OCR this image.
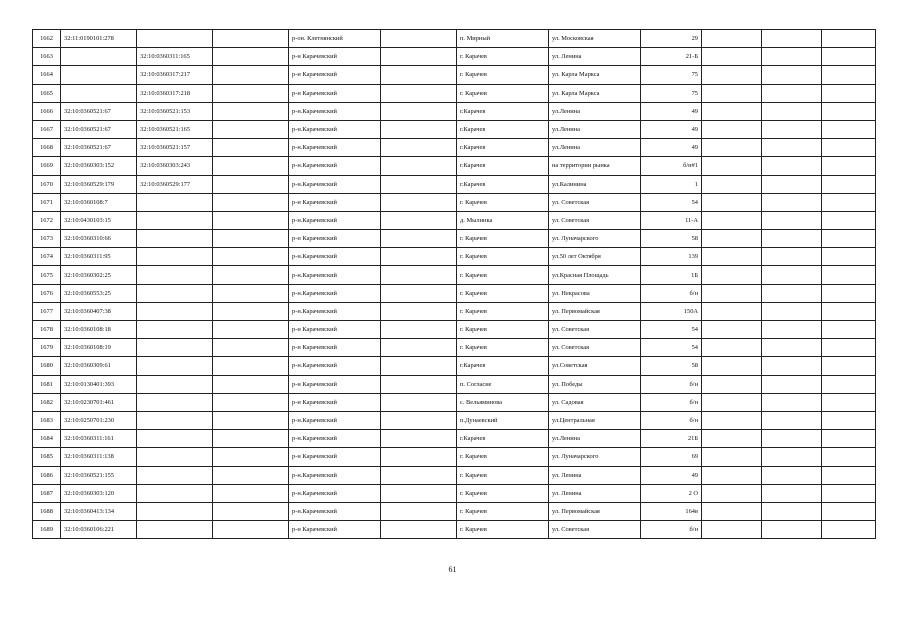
1662	32:11:0190101:278			р-он. Клетнянский		п. Мирный	ул. Московская	29			
1663		32:10:0360311:165		р-н Карачевский		г. Карачев	ул. Ленина	21-Б			
1664		32:10:0360317:217		р-н Карачевский		г. Карачев	ул. Карла Маркса	75			
1665		32:10:0360317:218		р-н Карачевский		г. Карачев	ул. Карла Маркса	75			
1666	32:10:0360521:67	32:10:0360521:153		р-н.Карачевский		г.Карачев	ул.Ленина	49			
1667	32:10:0360521:67	32:10:0360521:165		р-н.Карачевский		г.Карачев	ул.Ленина	49			
1668	32:10:0360521:67	32:10:0360521:157		р-н.Карачевский		г.Карачев	ул.Ленина	49			
1669	32:10:0360303:152	32:10:0360303:243		р-н.Карачевский		г.Карачев	на территории рынка	б/н#1			
1670	32:10:0360529:179	32:10:0360529:177		р-н.Карачевский		г.Карачев	ул.Калинина	1			
1671	32:10:0360108:7			р-н Карачевский		г. Карачев	ул. Советская	54			
1672	32:10:0430103:15			р-н.Карачевский		д. Мылинка	ул. Советская	11-А			
1673	32:10:0360310:66			р-н Карачевский		г. Карачев	ул. Луначарского	58			
1674	32:10:0360311:95			р-н.Карачевский		г. Карачев	ул.50 лет Октября	139			
1675	32:10:0360302:25			р-н.Карачевский		г. Карачев	ул.Красная Площадь	1Б			
1676	32:10:0360553:25			р-н.Карачевский		г. Карачев	ул. Некрасова	б/н			
1677	32:10:0360407:38			р-н.Карачевский		г. Карачев	ул. Первомайская	150А			
1678	32:10:0360108:18			р-н Карачевский		г. Карачев	ул. Советская	54			
1679	32:10:0360108:19			р-н Карачевский		г. Карачев	ул. Советская	54			
1680	32:10:0360309:61			р-н.Карачевский		г.Карачев	ул.Советская	58			
1681	32:10:0130401:393			р-н Карачевский		п. Согласие	ул. Победы	б/н			
1682	32:10:0230701:461			р-н Карачевский		с. Вельяминова	ул. Садовая	б/н			
1683	32:10:0250701:230			р-н.Карачевский		п.Дунаевский	ул.Центральная	б/н			
1684	32:10:0360311:161			р-н.Карачевский		г.Карачев	ул.Ленина	21Б			
1685	32:10:0360311:138			р-н Карачевский		г. Карачев	ул. Луначарского	69			
1686	32:10:0360521:155			р-н.Карачевский		г. Карачев	ул. Ленина	49			
1687	32:10:0360303:120			р-н.Карачевский		г. Карачев	ул. Ленина	2 О			
1688	32:10:0360413:134			р-н.Карачевский		г. Карачев	ул. Первомайская	164в			
1689	32:10:0360106:221			р-н Карачевский		г. Карачев	ул. Советская	б/н			
61
